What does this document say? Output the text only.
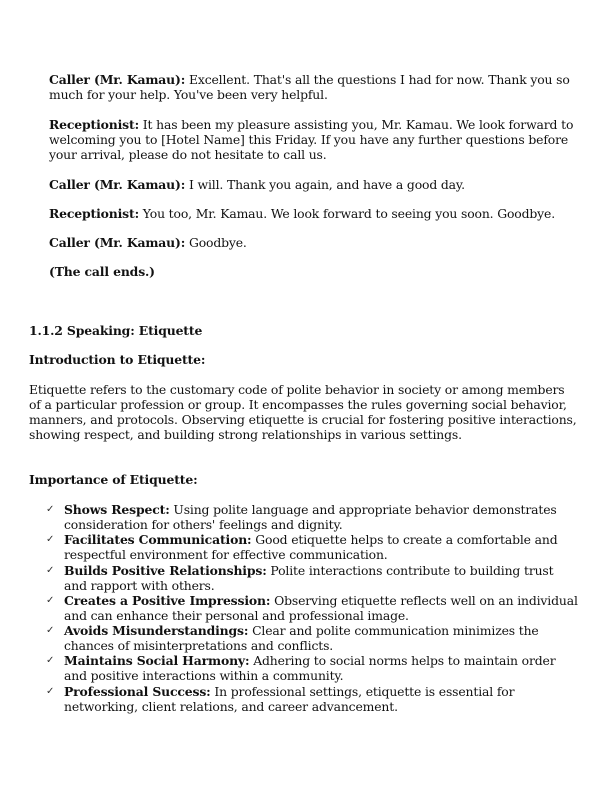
Caller (Mr. Kamau): Excellent. That's all the questions I had for now. Thank you so much for your help. You've been very helpful.

Receptionist: It has been my pleasure assisting you, Mr. Kamau. We look forward to welcoming you to [Hotel Name] this Friday. If you have any further questions before your arrival, please do not hesitate to call us.

Caller (Mr. Kamau): I will. Thank you again, and have a good day.

Receptionist: You too, Mr. Kamau. We look forward to seeing you soon. Goodbye.

Caller (Mr. Kamau): Goodbye.

(The call ends.)

1.1.2 Speaking: Etiquette

Introduction to Etiquette:

Etiquette refers to the customary code of polite behavior in society or among members of a particular profession or group. It encompasses the rules governing social behavior, manners, and protocols. Observing etiquette is crucial for fostering positive interactions, showing respect, and building strong relationships in various settings.

Importance of Etiquette:

✓ Shows Respect: Using polite language and appropriate behavior demonstrates consideration for others' feelings and dignity.
✓ Facilitates Communication: Good etiquette helps to create a comfortable and respectful environment for effective communication.
✓ Builds Positive Relationships: Polite interactions contribute to building trust and rapport with others.
✓ Creates a Positive Impression: Observing etiquette reflects well on an individual and can enhance their personal and professional image.
✓ Avoids Misunderstandings: Clear and polite communication minimizes the chances of misinterpretations and conflicts.
✓ Maintains Social Harmony: Adhering to social norms helps to maintain order and positive interactions within a community.
✓ Professional Success: In professional settings, etiquette is essential for networking, client relations, and career advancement.
